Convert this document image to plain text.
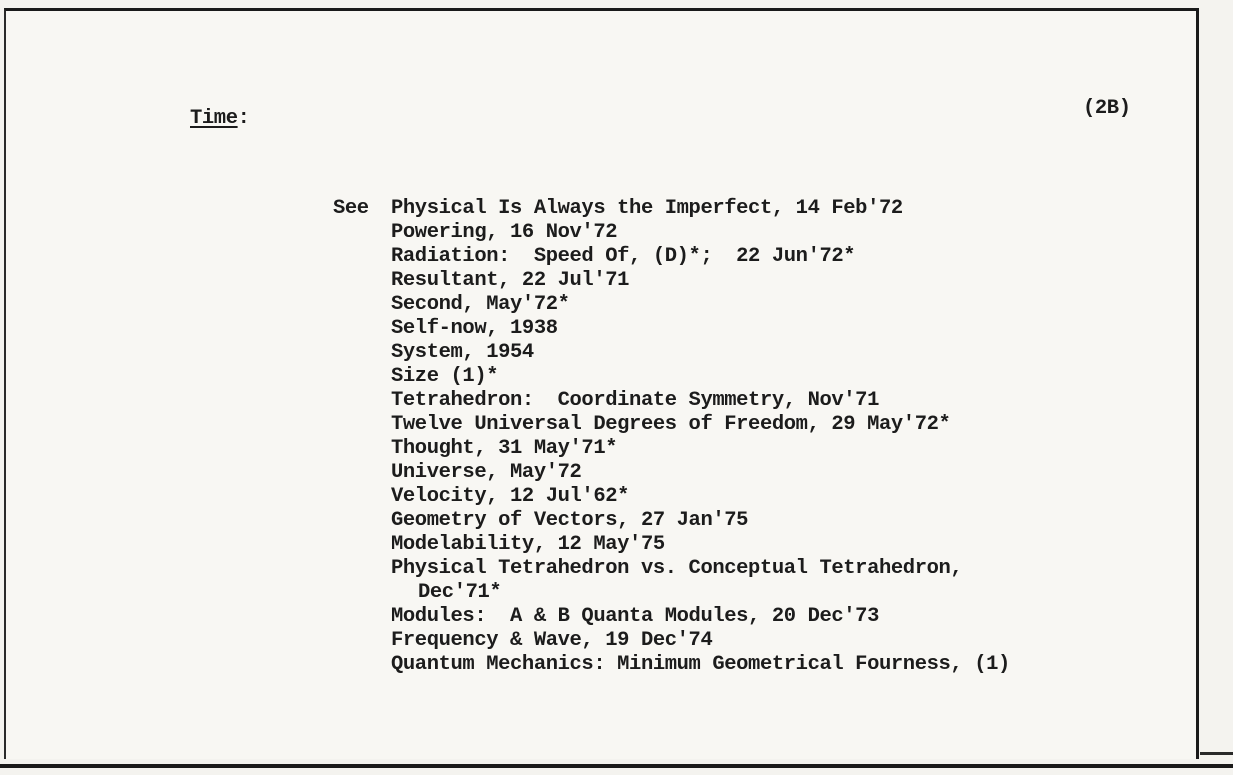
Time:	(2B)
See Physical Is Always the Imperfect, 14 Feb'72
Powering, 16 Nov'72
Radiation:  Speed Of, (D)*;  22 Jun'72*
Resultant, 22 Jul'71
Second, May'72*
Self-now, 1938
System, 1954
Size (1)*
Tetrahedron:  Coordinate Symmetry, Nov'71
Twelve Universal Degrees of Freedom, 29 May'72*
Thought, 31 May'71*
Universe, May'72
Velocity, 12 Jul'62*
Geometry of Vectors, 27 Jan'75
Modelability, 12 May'75
Physical Tetrahedron vs. Conceptual Tetrahedron,
Dec'71*
Modules:  A & B Quanta Modules, 20 Dec'73
Frequency & Wave, 19 Dec'74
Quantum Mechanics: Minimum Geometrical Fourness, (1)
